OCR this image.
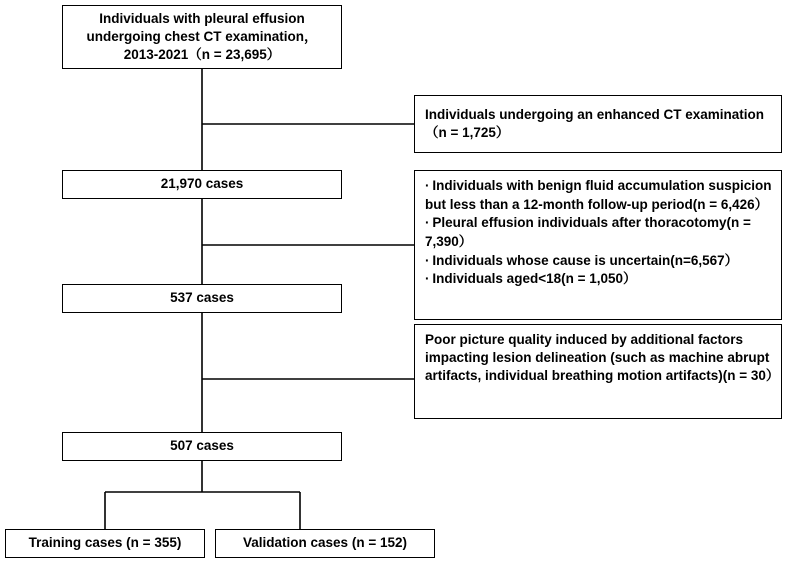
Individuals with pleural effusion undergoing chest CT examination，2013-2021（n = 23,695）
Individuals undergoing an enhanced CT examination（n = 1,725）
21,970 cases	· Individuals with benign fluid accumulation suspicion but less than a 12-month follow-up period(n = 6,426）
· Pleural effusion individuals after thoracotomy(n = 7,390）
· Individuals whose cause is uncertain(n=6,567）
· Individuals aged<18(n = 1,050）
537 cases
Poor picture quality induced by additional factors impacting lesion delineation (such as machine abrupt artifacts, individual breathing motion artifacts)(n = 30）
507 cases
Training cases (n = 355)	Validation cases (n = 152)
